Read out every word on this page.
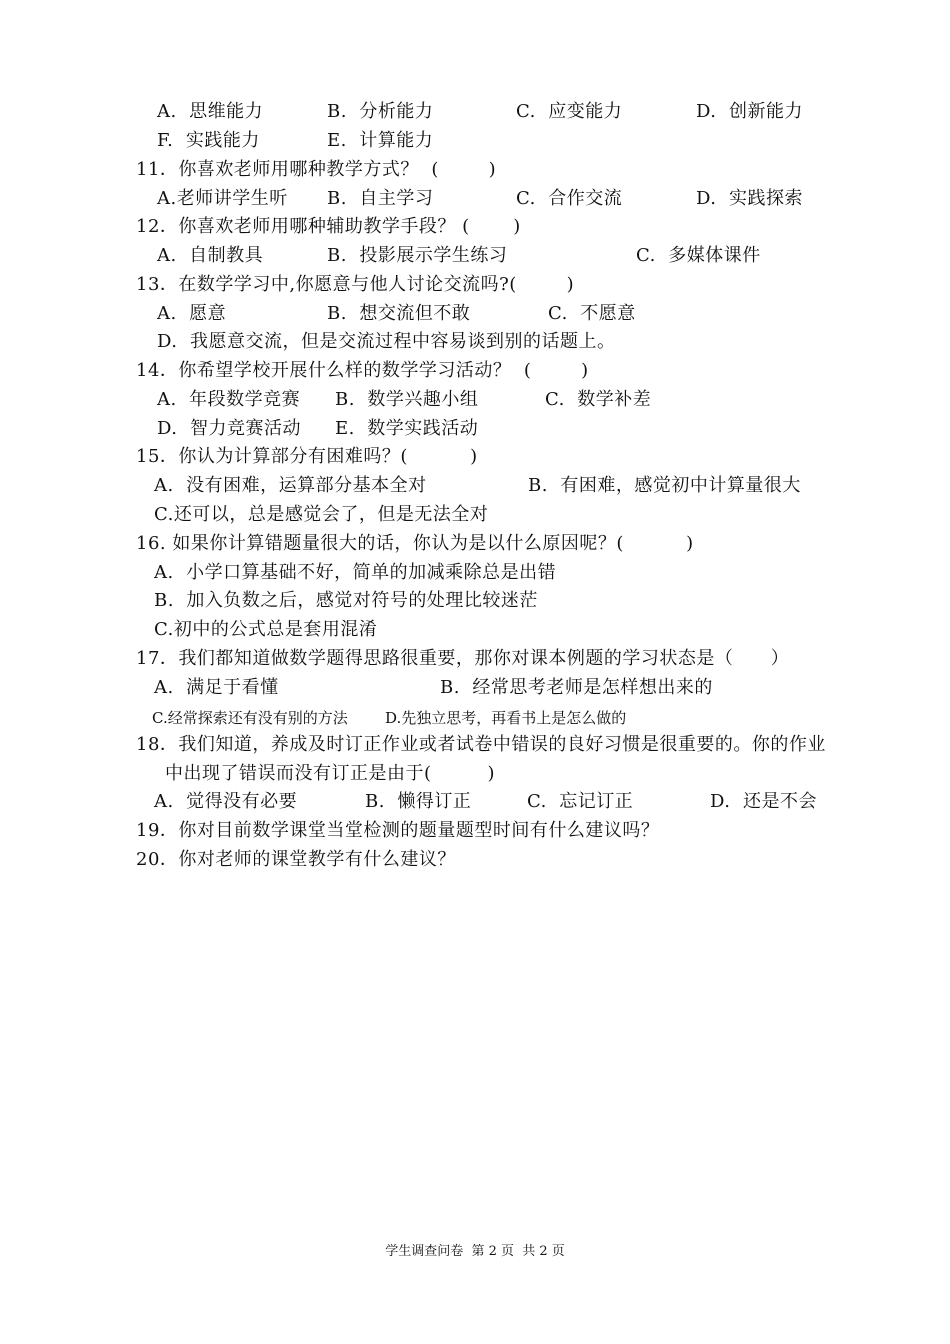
A.  思维能力	B.  分析能力	C.  应变能力	D.  创新能力
F.  实践能力	E.  计算能力
11．你喜欢老师用哪种教学方式？  (        )
A.老师讲学生听 B.  自主学习	C.  合作交流	D.  实践探索
12．你喜欢老师用哪种辅助教学手段？ (       )
A.  自制教具	B.  投影展示学生练习	C.  多媒体课件
13．在数学学习中,你愿意与他人讨论交流吗?(        )
A.  愿意	B.  想交流但不敢	C.  不愿意
D.  我愿意交流，但是交流过程中容易谈到别的话题上。
14．你希望学校开展什么样的数学学习活动？  (        )
A.  年段数学竞赛 B.  数学兴趣小组	C.  数学补差
D.  智力竞赛活动 E.  数学实践活动
15．你认为计算部分有困难吗？(          )
A.  没有困难，运算部分基本全对	B.  有困难，感觉初中计算量很大
C.还可以，总是感觉会了，但是无法全对
16. 如果你计算错题量很大的话，你认为是以什么原因呢？(          )
A.  小学口算基础不好，简单的加减乘除总是出错
B.  加入负数之后，感觉对符号的处理比较迷茫
C.初中的公式总是套用混淆
17．我们都知道做数学题得思路很重要，那你对课本例题的学习状态是（      ）
A.  满足于看懂	B.  经常思考老师是怎样想出来的
C.经常探索还有没有别的方法 D.先独立思考，再看书上是怎么做的
18．我们知道，养成及时订正作业或者试卷中错误的良好习惯是很重要的。你的作业
中出现了错误而没有订正是由于(         )
A.  觉得没有必要	B.  懒得订正	C.  忘记订正	D.  还是不会
19．你对目前数学课堂当堂检测的题量题型时间有什么建议吗？
20．你对老师的课堂教学有什么建议？
学生调查问卷  第 2 页  共 2 页
